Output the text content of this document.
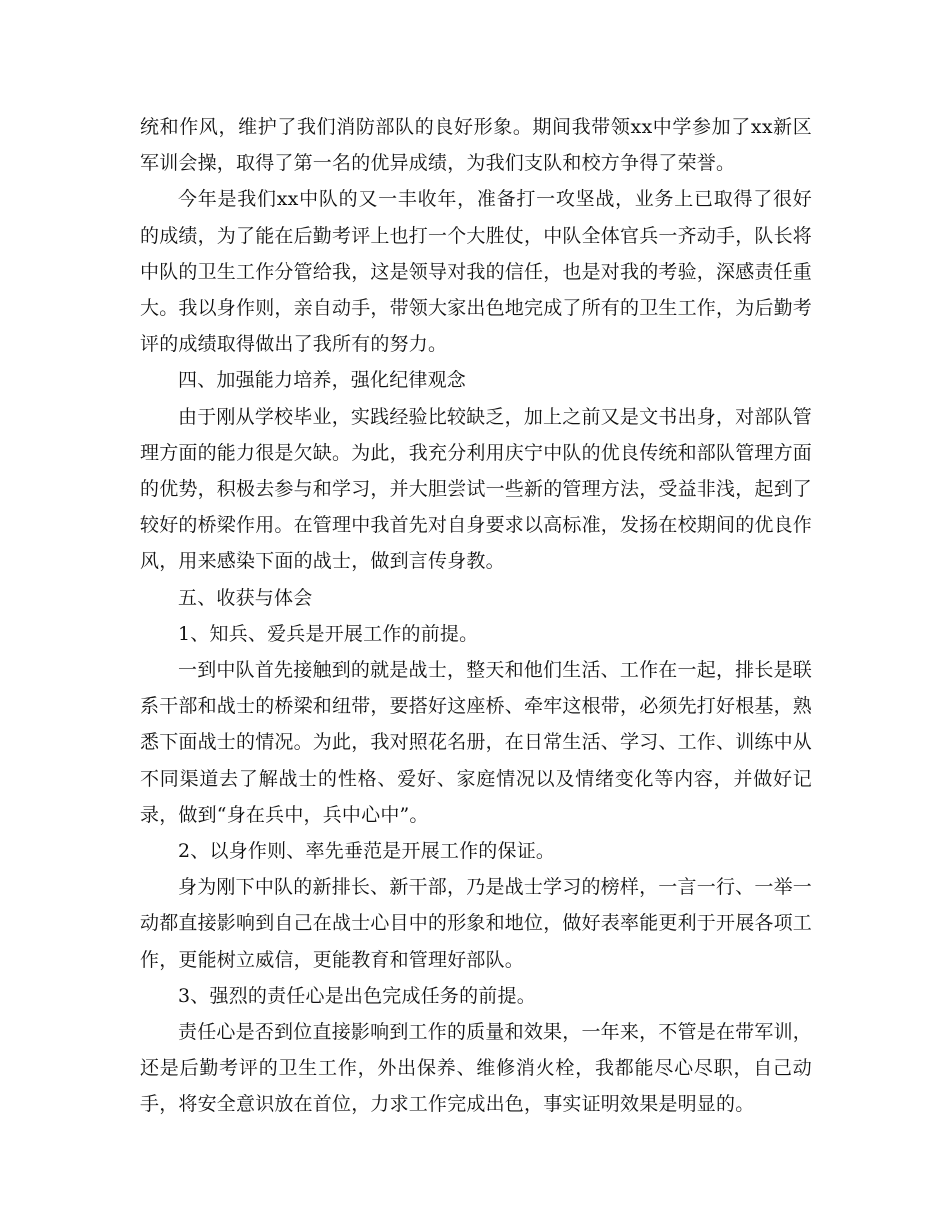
统和作风，维护了我们消防部队的良好形象。期间我带领xx中学参加了xx新区军训会操，取得了第一名的优异成绩，为我们支队和校方争得了荣誉。

今年是我们xx中队的又一丰收年，准备打一攻坚战，业务上已取得了很好的成绩，为了能在后勤考评上也打一个大胜仗，中队全体官兵一齐动手，队长将中队的卫生工作分管给我，这是领导对我的信任，也是对我的考验，深感责任重大。我以身作则，亲自动手，带领大家出色地完成了所有的卫生工作，为后勤考评的成绩取得做出了我所有的努力。

四、加强能力培养，强化纪律观念

由于刚从学校毕业，实践经验比较缺乏，加上之前又是文书出身，对部队管理方面的能力很是欠缺。为此，我充分利用庆宁中队的优良传统和部队管理方面的优势，积极去参与和学习，并大胆尝试一些新的管理方法，受益非浅，起到了较好的桥梁作用。在管理中我首先对自身要求以高标准，发扬在校期间的优良作风，用来感染下面的战士，做到言传身教。

五、收获与体会

1、知兵、爱兵是开展工作的前提。

一到中队首先接触到的就是战士，整天和他们生活、工作在一起，排长是联系干部和战士的桥梁和纽带，要搭好这座桥、牵牢这根带，必须先打好根基，熟悉下面战士的情况。为此，我对照花名册，在日常生活、学习、工作、训练中从不同渠道去了解战士的性格、爱好、家庭情况以及情绪变化等内容，并做好记录，做到“身在兵中，兵中心中”。

2、以身作则、率先垂范是开展工作的保证。

身为刚下中队的新排长、新干部，乃是战士学习的榜样，一言一行、一举一动都直接影响到自己在战士心目中的形象和地位，做好表率能更利于开展各项工作，更能树立威信，更能教育和管理好部队。

3、强烈的责任心是出色完成任务的前提。

责任心是否到位直接影响到工作的质量和效果，一年来，不管是在带军训，还是后勤考评的卫生工作，外出保养、维修消火栓，我都能尽心尽职，自己动手，将安全意识放在首位，力求工作完成出色，事实证明效果是明显的。
